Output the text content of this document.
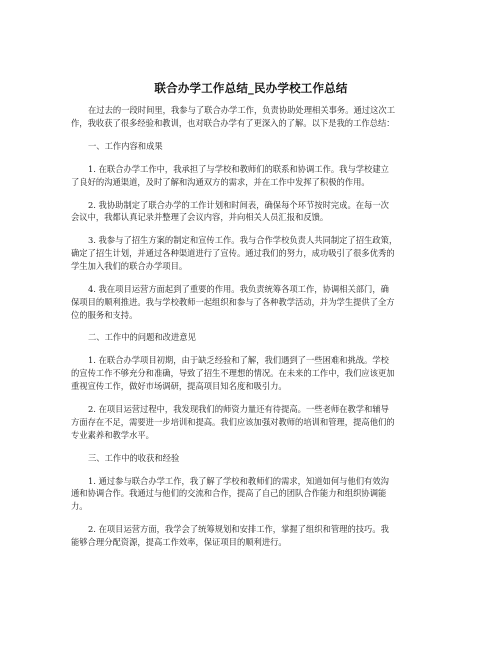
联合办学工作总结_民办学校工作总结
在过去的一段时间里，我参与了联合办学工作，负责协助处理相关事务。通过这次工
作，我收获了很多经验和教训，也对联合办学有了更深入的了解。以下是我的工作总结：
一、工作内容和成果
1. 在联合办学工作中，我承担了与学校和教师们的联系和协调工作。我与学校建立
了良好的沟通渠道，及时了解和沟通双方的需求，并在工作中发挥了积极的作用。
2. 我协助制定了联合办学的工作计划和时间表，确保每个环节按时完成。在每一次
会议中，我都认真记录并整理了会议内容，并向相关人员汇报和反馈。
3. 我参与了招生方案的制定和宣传工作。我与合作学校负责人共同制定了招生政策，
确定了招生计划，并通过各种渠道进行了宣传。通过我们的努力，成功吸引了很多优秀的
学生加入我们的联合办学项目。
4. 我在项目运营方面起到了重要的作用。我负责统筹各项工作，协调相关部门，确
保项目的顺利推进。我与学校教师一起组织和参与了各种教学活动，并为学生提供了全方
位的服务和支持。
二、工作中的问题和改进意见
1. 在联合办学项目初期，由于缺乏经验和了解，我们遇到了一些困难和挑战。学校
的宣传工作不够充分和准确，导致了招生不理想的情况。在未来的工作中，我们应该更加
重视宣传工作，做好市场调研，提高项目知名度和吸引力。
2. 在项目运营过程中，我发现我们的师资力量还有待提高。一些老师在教学和辅导
方面存在不足，需要进一步培训和提高。我们应该加强对教师的培训和管理，提高他们的
专业素养和教学水平。
三、工作中的收获和经验
1. 通过参与联合办学工作，我了解了学校和教师们的需求，知道如何与他们有效沟
通和协调合作。我通过与他们的交流和合作，提高了自己的团队合作能力和组织协调能
力。
2. 在项目运营方面，我学会了统筹规划和安排工作，掌握了组织和管理的技巧。我
能够合理分配资源，提高工作效率，保证项目的顺利进行。
